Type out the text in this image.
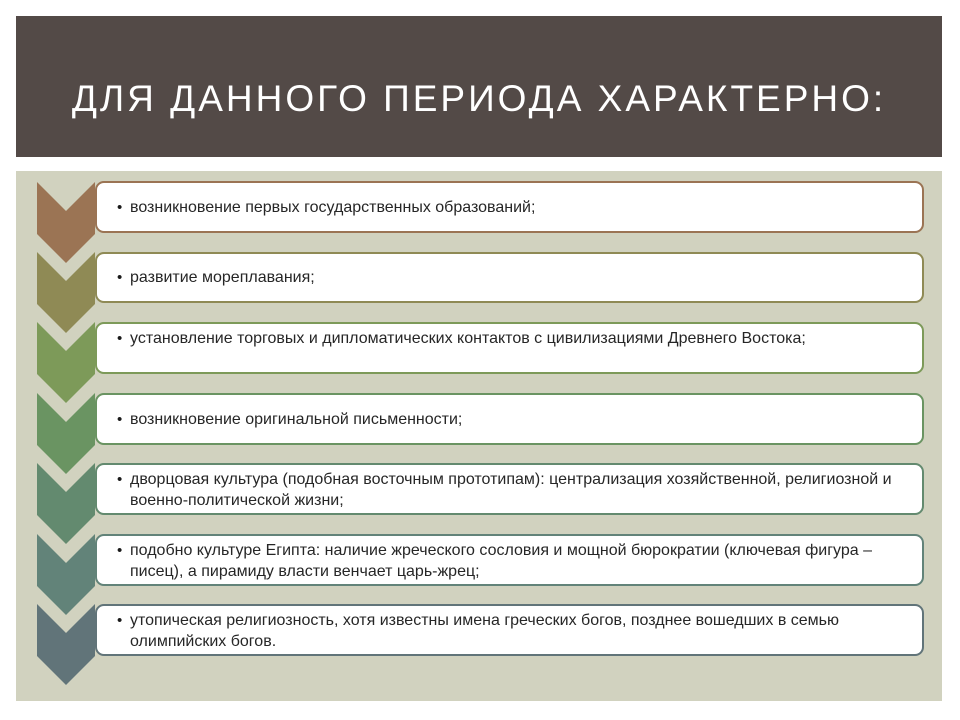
ДЛЯ ДАННОГО ПЕРИОДА ХАРАКТЕРНО:
• возникновение первых государственных образований;
• развитие мореплавания;
• установление торговых и дипломатических контактов с цивилизациями Древнего Востока;
• возникновение оригинальной письменности;
• дворцовая культура (подобная восточным прототипам): централизация хозяйственной, религиозной и военно-политической жизни;
• подобно культуре Египта: наличие жреческого сословия и мощной бюрократии (ключевая фигура – писец), а пирамиду власти венчает царь-жрец;
• утопическая религиозность, хотя известны имена греческих богов, позднее вошедших в семью олимпийских богов.
